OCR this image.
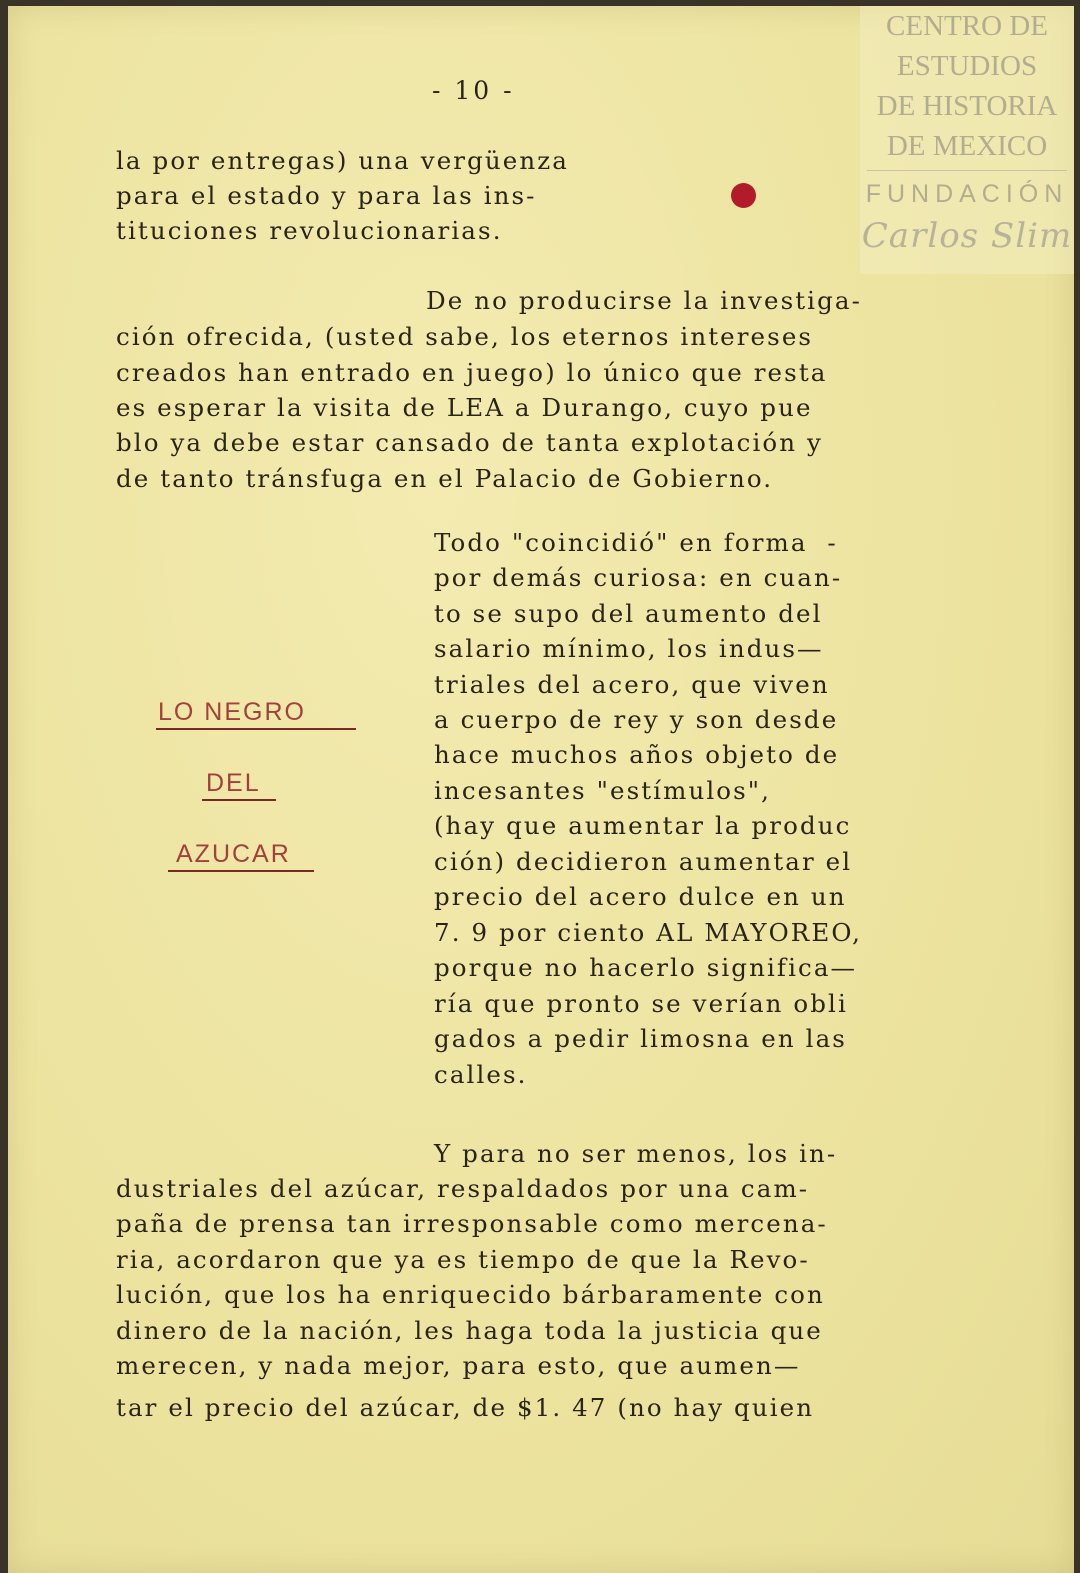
- 10 -
CENTRO DE
ESTUDIOS
DE HISTORIA
DE MEXICO
FUNDACIÓN
Carlos Slim

la por entregas) una vergüenza

para el estado y para las ins-

tituciones revolucionarias.

De no producirse la investiga-

ción ofrecida, (usted sabe, los eternos intereses

creados han entrado en juego) lo único que resta

es esperar la visita de LEA a Durango, cuyo pue

blo ya debe estar cansado de tanta explotación y

de tanto tránsfuga en el Palacio de Gobierno.

LO NEGRO
DEL
AZUCAR

Todo "coincidió" en forma  -

por demás curiosa: en cuan-

to se supo del aumento del

salario mínimo, los indus—

triales del acero, que viven

a cuerpo de rey y son desde

hace muchos años objeto de

incesantes "estímulos",

(hay que aumentar la produc

ción) decidieron aumentar el

precio del acero dulce en un

7. 9 por ciento AL MAYOREO,

porque no hacerlo significa—

ría que pronto se verían obli

gados a pedir limosna en las

calles.

Y para no ser menos, los in-

dustriales del azúcar, respaldados por una cam-

paña de prensa tan irresponsable como mercena-

ria, acordaron que ya es tiempo de que la Revo-

lución, que los ha enriquecido bárbaramente con

dinero de la nación, les haga toda la justicia que

merecen, y nada mejor, para esto, que aumen—

tar el precio del azúcar, de $1. 47 (no hay quien
